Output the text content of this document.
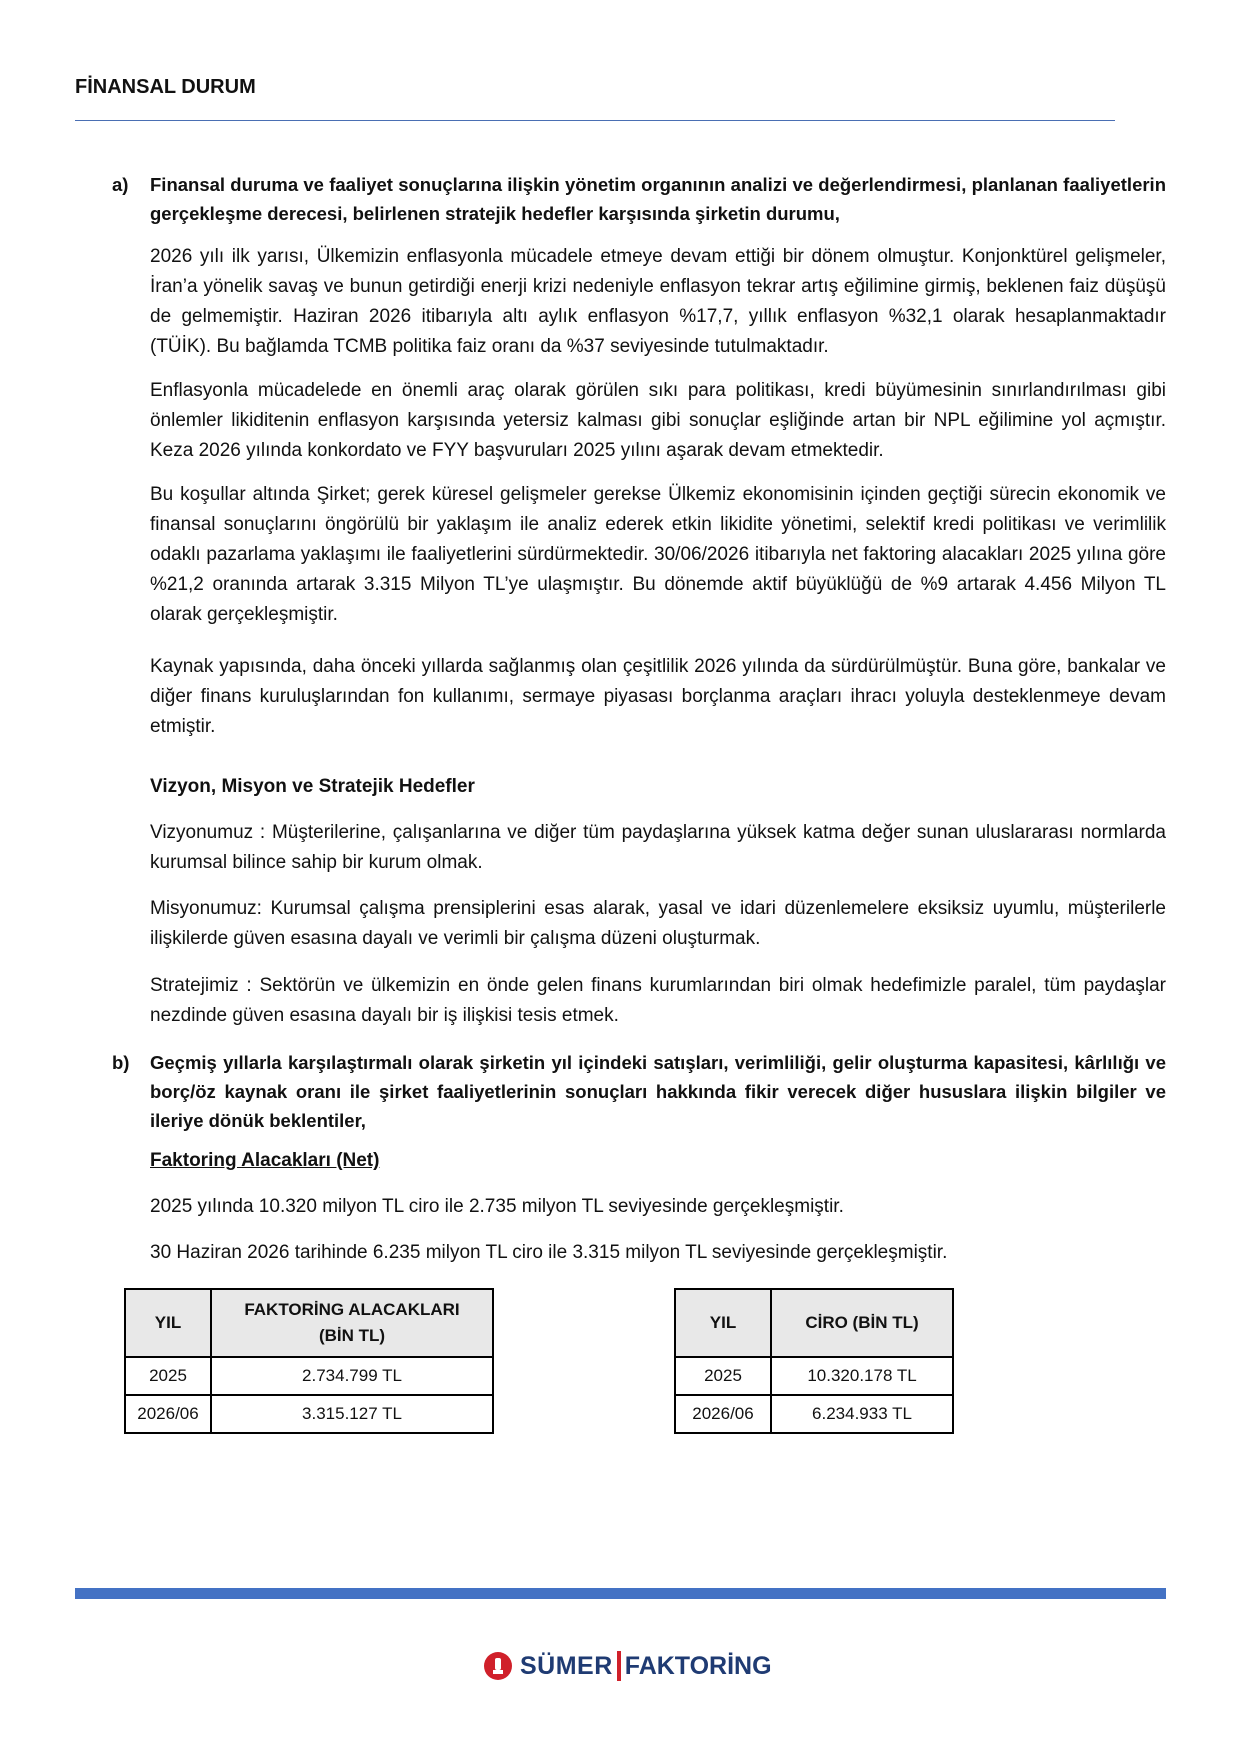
FİNANSAL DURUM
a) Finansal duruma ve faaliyet sonuçlarına ilişkin yönetim organının analizi ve değerlendirmesi, planlanan faaliyetlerin gerçekleşme derecesi, belirlenen stratejik hedefler karşısında şirketin durumu,
2026 yılı ilk yarısı, Ülkemizin enflasyonla mücadele etmeye devam ettiği bir dönem olmuştur. Konjonktürel gelişmeler, İran’a yönelik savaş ve bunun getirdiği enerji krizi nedeniyle enflasyon tekrar artış eğilimine girmiş, beklenen faiz düşüşü de gelmemiştir. Haziran 2026 itibarıyla altı aylık enflasyon %17,7, yıllık enflasyon %32,1 olarak hesaplanmaktadır (TÜİK). Bu bağlamda TCMB politika faiz oranı da %37 seviyesinde tutulmaktadır.
Enflasyonla mücadelede en önemli araç olarak görülen sıkı para politikası, kredi büyümesinin sınırlandırılması gibi önlemler likiditenin enflasyon karşısında yetersiz kalması gibi sonuçlar eşliğinde artan bir NPL eğilimine yol açmıştır. Keza 2026 yılında konkordato ve FYY başvuruları 2025 yılını aşarak devam etmektedir.
Bu koşullar altında Şirket; gerek küresel gelişmeler gerekse Ülkemiz ekonomisinin içinden geçtiği sürecin ekonomik ve finansal sonuçlarını öngörülü bir yaklaşım ile analiz ederek etkin likidite yönetimi, selektif kredi politikası ve verimlilik odaklı pazarlama yaklaşımı ile faaliyetlerini sürdürmektedir. 30/06/2026 itibarıyla net faktoring alacakları 2025 yılına göre %21,2 oranında artarak 3.315 Milyon TL’ye ulaşmıştır. Bu dönemde aktif büyüklüğü de %9 artarak 4.456 Milyon TL olarak gerçekleşmiştir.
Kaynak yapısında, daha önceki yıllarda sağlanmış olan çeşitlilik 2026 yılında da sürdürülmüştür. Buna göre, bankalar ve diğer finans kuruluşlarından fon kullanımı, sermaye piyasası borçlanma araçları ihracı yoluyla desteklenmeye devam etmiştir.
Vizyon, Misyon ve Stratejik Hedefler
Vizyonumuz : Müşterilerine, çalışanlarına ve diğer tüm paydaşlarına yüksek katma değer sunan uluslararası normlarda kurumsal bilince sahip bir kurum olmak.
Misyonumuz: Kurumsal çalışma prensiplerini esas alarak, yasal ve idari düzenlemelere eksiksiz uyumlu, müşterilerle ilişkilerde güven esasına dayalı ve verimli bir çalışma düzeni oluşturmak.
Stratejimiz : Sektörün ve ülkemizin en önde gelen finans kurumlarından biri olmak hedefimizle paralel, tüm paydaşlar nezdinde güven esasına dayalı bir iş ilişkisi tesis etmek.
b) Geçmiş yıllarla karşılaştırmalı olarak şirketin yıl içindeki satışları, verimliliği, gelir oluşturma kapasitesi, kârlılığı ve borç/öz kaynak oranı ile şirket faaliyetlerinin sonuçları hakkında fikir verecek diğer hususlara ilişkin bilgiler ve ileriye dönük beklentiler,
Faktoring Alacakları (Net)
2025 yılında 10.320 milyon TL ciro ile 2.735 milyon TL seviyesinde gerçekleşmiştir.
30 Haziran 2026 tarihinde 6.235 milyon TL ciro ile 3.315 milyon TL seviyesinde gerçekleşmiştir.
YIL	FAKTORİNG ALACAKLARI
(BİN TL)
2025	2.734.799 TL
2026/06	3.315.127 TL
YIL	CİRO (BİN TL)
2025	10.320.178 TL
2026/06	6.234.933 TL
SÜMER FAKTORİNG
